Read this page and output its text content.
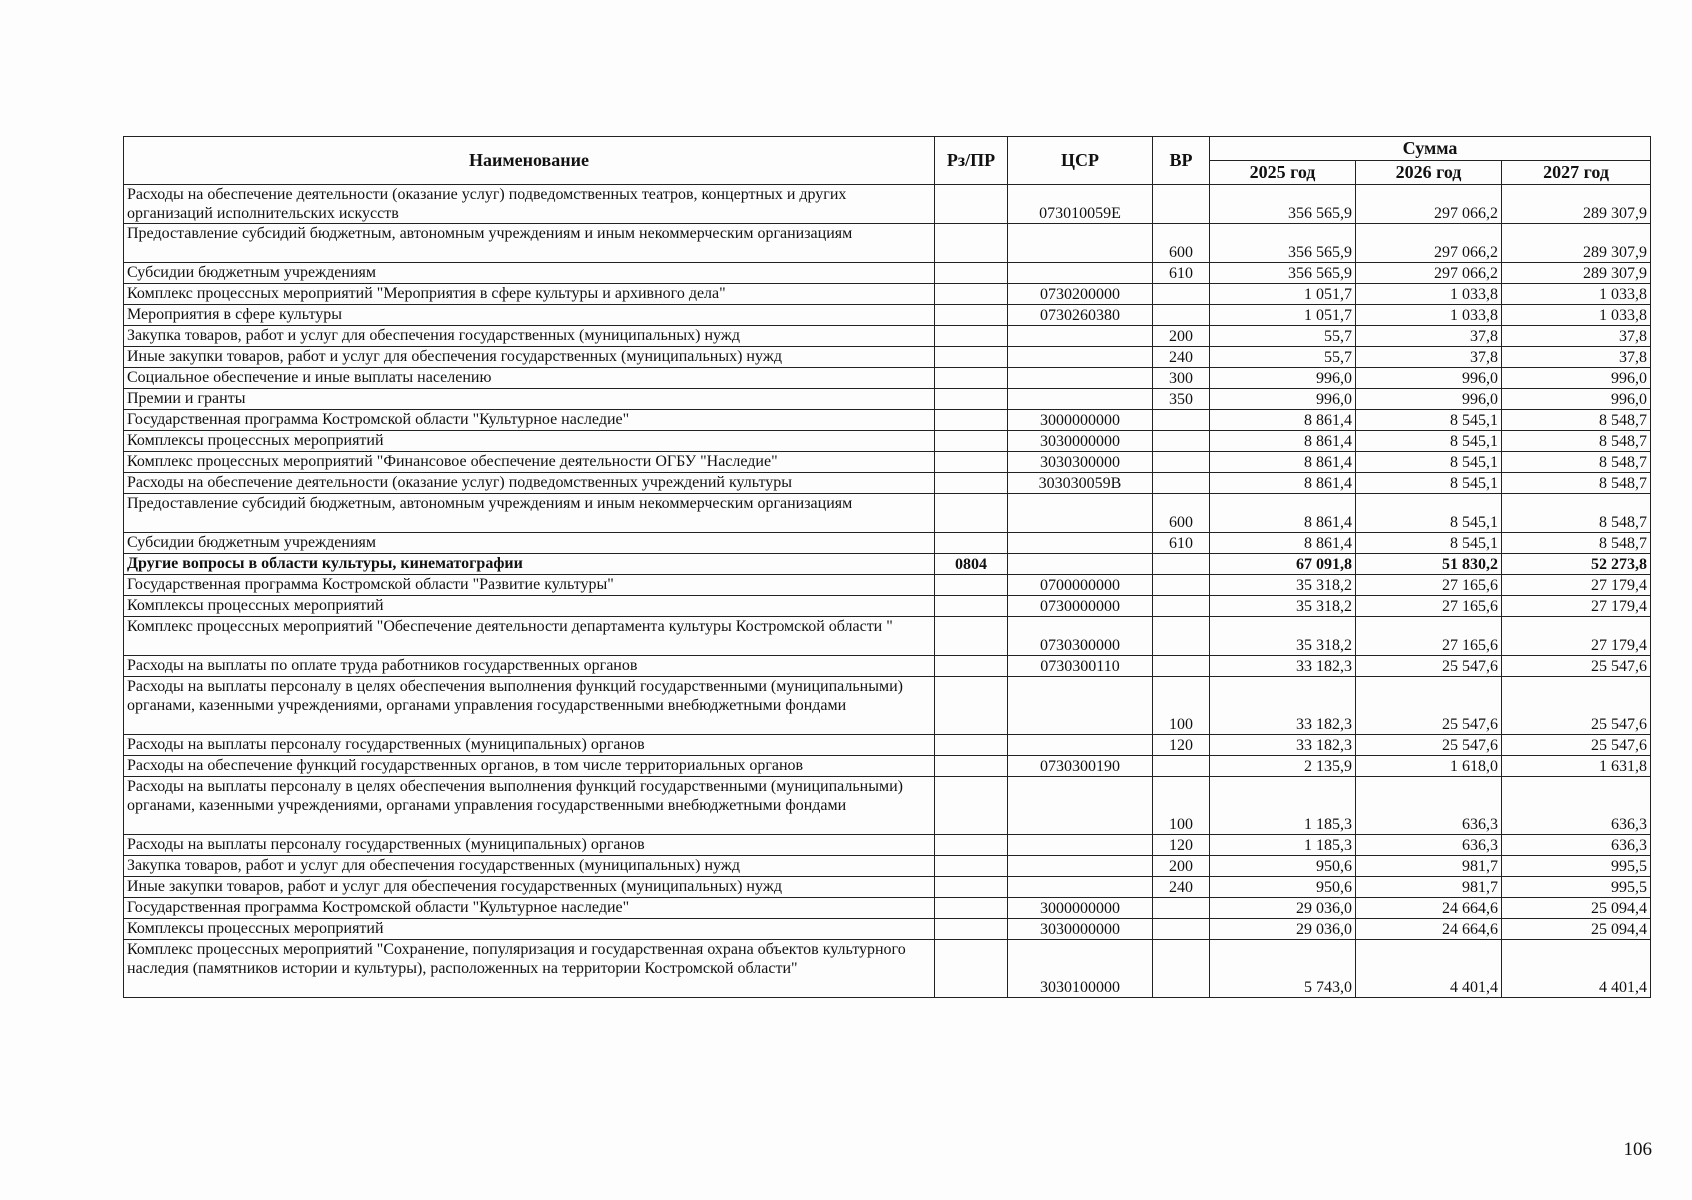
Наименование	Рз/ПР	ЦСР	ВР	Сумма		
				2025 год	2026 год	2027 год
Расходы на обеспечение деятельности (оказание услуг) подведомственных театров, концертных и других организаций исполнительских искусств		073010059Е		356 565,9	297 066,2	289 307,9
Предоставление субсидий бюджетным, автономным учреждениям и иным некоммерческим организациям			600	356 565,9	297 066,2	289 307,9
Субсидии бюджетным учреждениям			610	356 565,9	297 066,2	289 307,9
Комплекс процессных мероприятий "Мероприятия в сфере культуры и архивного дела"		0730200000		1 051,7	1 033,8	1 033,8
Мероприятия в сфере культуры		0730260380		1 051,7	1 033,8	1 033,8
Закупка товаров, работ и услуг для обеспечения государственных (муниципальных) нужд			200	55,7	37,8	37,8
Иные закупки товаров, работ и услуг для обеспечения государственных (муниципальных) нужд			240	55,7	37,8	37,8
Социальное обеспечение и иные выплаты населению			300	996,0	996,0	996,0
Премии и гранты			350	996,0	996,0	996,0
Государственная программа Костромской области "Культурное наследие"		3000000000		8 861,4	8 545,1	8 548,7
Комплексы процессных мероприятий		3030000000		8 861,4	8 545,1	8 548,7
Комплекс процессных мероприятий "Финансовое обеспечение деятельности ОГБУ "Наследие"		3030300000		8 861,4	8 545,1	8 548,7
Расходы на обеспечение деятельности (оказание услуг) подведомственных учреждений культуры		303030059В		8 861,4	8 545,1	8 548,7
Предоставление субсидий бюджетным, автономным учреждениям и иным некоммерческим организациям			600	8 861,4	8 545,1	8 548,7
Субсидии бюджетным учреждениям			610	8 861,4	8 545,1	8 548,7
Другие вопросы в области культуры, кинематографии	0804			67 091,8	51 830,2	52 273,8
Государственная программа Костромской области "Развитие культуры"		0700000000		35 318,2	27 165,6	27 179,4
Комплексы процессных мероприятий		0730000000		35 318,2	27 165,6	27 179,4
Комплекс процессных мероприятий "Обеспечение деятельности департамента культуры Костромской области "		0730300000		35 318,2	27 165,6	27 179,4
Расходы на выплаты по оплате труда работников государственных органов		0730300110		33 182,3	25 547,6	25 547,6
Расходы на выплаты персоналу в целях обеспечения выполнения функций государственными (муниципальными) органами, казенными учреждениями, органами управления государственными внебюджетными фондами			100	33 182,3	25 547,6	25 547,6
Расходы на выплаты персоналу государственных (муниципальных) органов			120	33 182,3	25 547,6	25 547,6
Расходы на обеспечение функций государственных органов, в том числе территориальных органов		0730300190		2 135,9	1 618,0	1 631,8
Расходы на выплаты персоналу в целях обеспечения выполнения функций государственными (муниципальными) органами, казенными учреждениями, органами управления государственными внебюджетными фондами			100	1 185,3	636,3	636,3
Расходы на выплаты персоналу государственных (муниципальных) органов			120	1 185,3	636,3	636,3
Закупка товаров, работ и услуг для обеспечения государственных (муниципальных) нужд			200	950,6	981,7	995,5
Иные закупки товаров, работ и услуг для обеспечения государственных (муниципальных) нужд			240	950,6	981,7	995,5
Государственная программа Костромской области "Культурное наследие"		3000000000		29 036,0	24 664,6	25 094,4
Комплексы процессных мероприятий		3030000000		29 036,0	24 664,6	25 094,4
Комплекс процессных мероприятий "Сохранение, популяризация и государственная охрана объектов культурного наследия (памятников истории и культуры), расположенных на территории Костромской области"		3030100000		5 743,0	4 401,4	4 401,4
106
